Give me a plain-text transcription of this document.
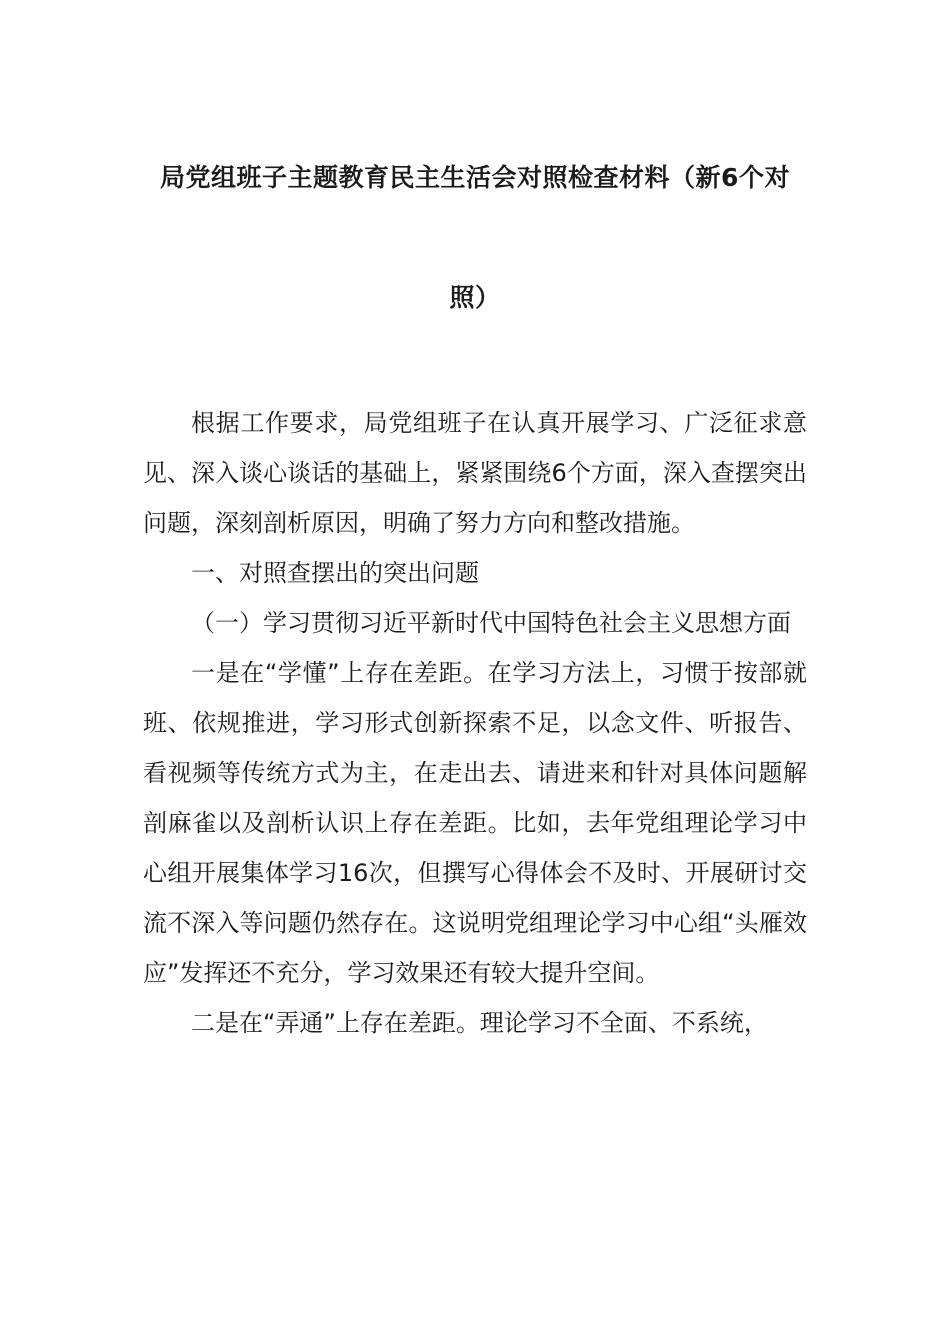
局党组班子主题教育民主生活会对照检查材料（新6个对
照）

根据工作要求，局党组班子在认真开展学习、广泛征求意见、深入谈心谈话的基础上，紧紧围绕6个方面，深入查摆突出问题，深刻剖析原因，明确了努力方向和整改措施。

一、对照查摆出的突出问题

（一）学习贯彻习近平新时代中国特色社会主义思想方面

一是在“学懂”上存在差距。在学习方法上，习惯于按部就班、依规推进，学习形式创新探索不足，以念文件、听报告、看视频等传统方式为主，在走出去、请进来和针对具体问题解剖麻雀以及剖析认识上存在差距。比如，去年党组理论学习中心组开展集体学习16次，但撰写心得体会不及时、开展研讨交流不深入等问题仍然存在。这说明党组理论学习中心组“头雁效应”发挥还不充分，学习效果还有较大提升空间。

二是在“弄通”上存在差距。理论学习不全面、不系统，
